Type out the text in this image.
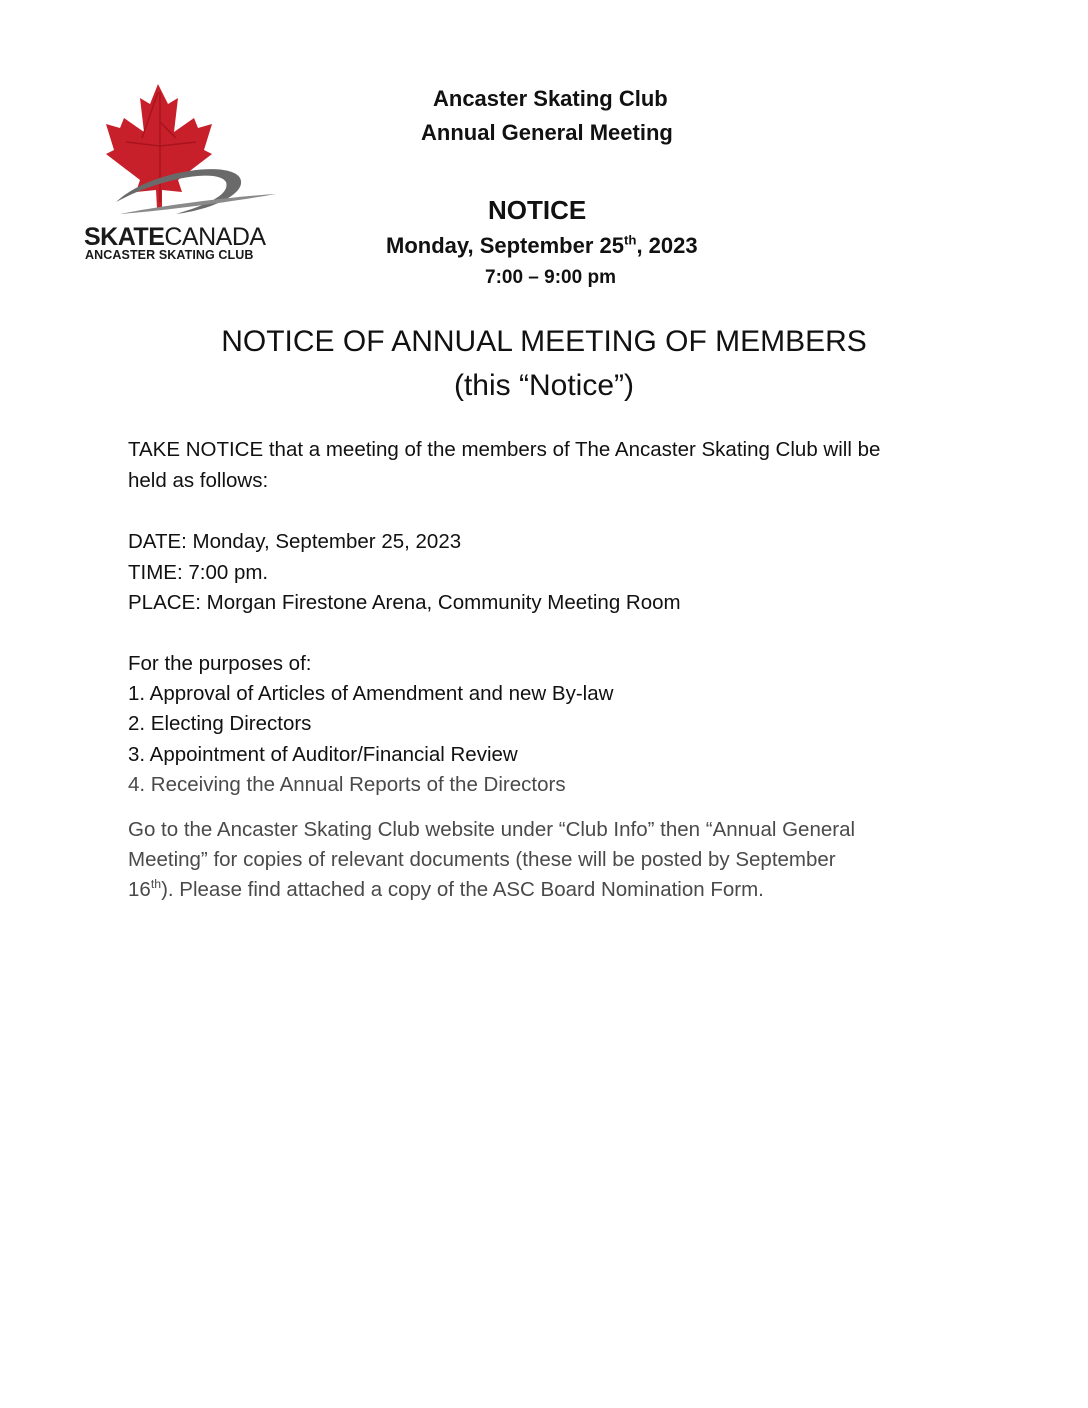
SKATECANADA
ANCASTER SKATING CLUB
Ancaster Skating Club
Annual General Meeting
NOTICE
Monday, September 25th, 2023
7:00 – 9:00 pm
NOTICE OF ANNUAL MEETING OF MEMBERS
(this “Notice”)
TAKE NOTICE that a meeting of the members of The Ancaster Skating Club will be
held as follows:
DATE: Monday, September 25, 2023
TIME: 7:00 pm.
PLACE: Morgan Firestone Arena, Community Meeting Room
For the purposes of:
1. Approval of Articles of Amendment and new By-law
2. Electing Directors
3. Appointment of Auditor/Financial Review
4. Receiving the Annual Reports of the Directors
Go to the Ancaster Skating Club website under “Club Info” then “Annual General
Meeting” for copies of relevant documents (these will be posted by September
16th). Please find attached a copy of the ASC Board Nomination Form.
